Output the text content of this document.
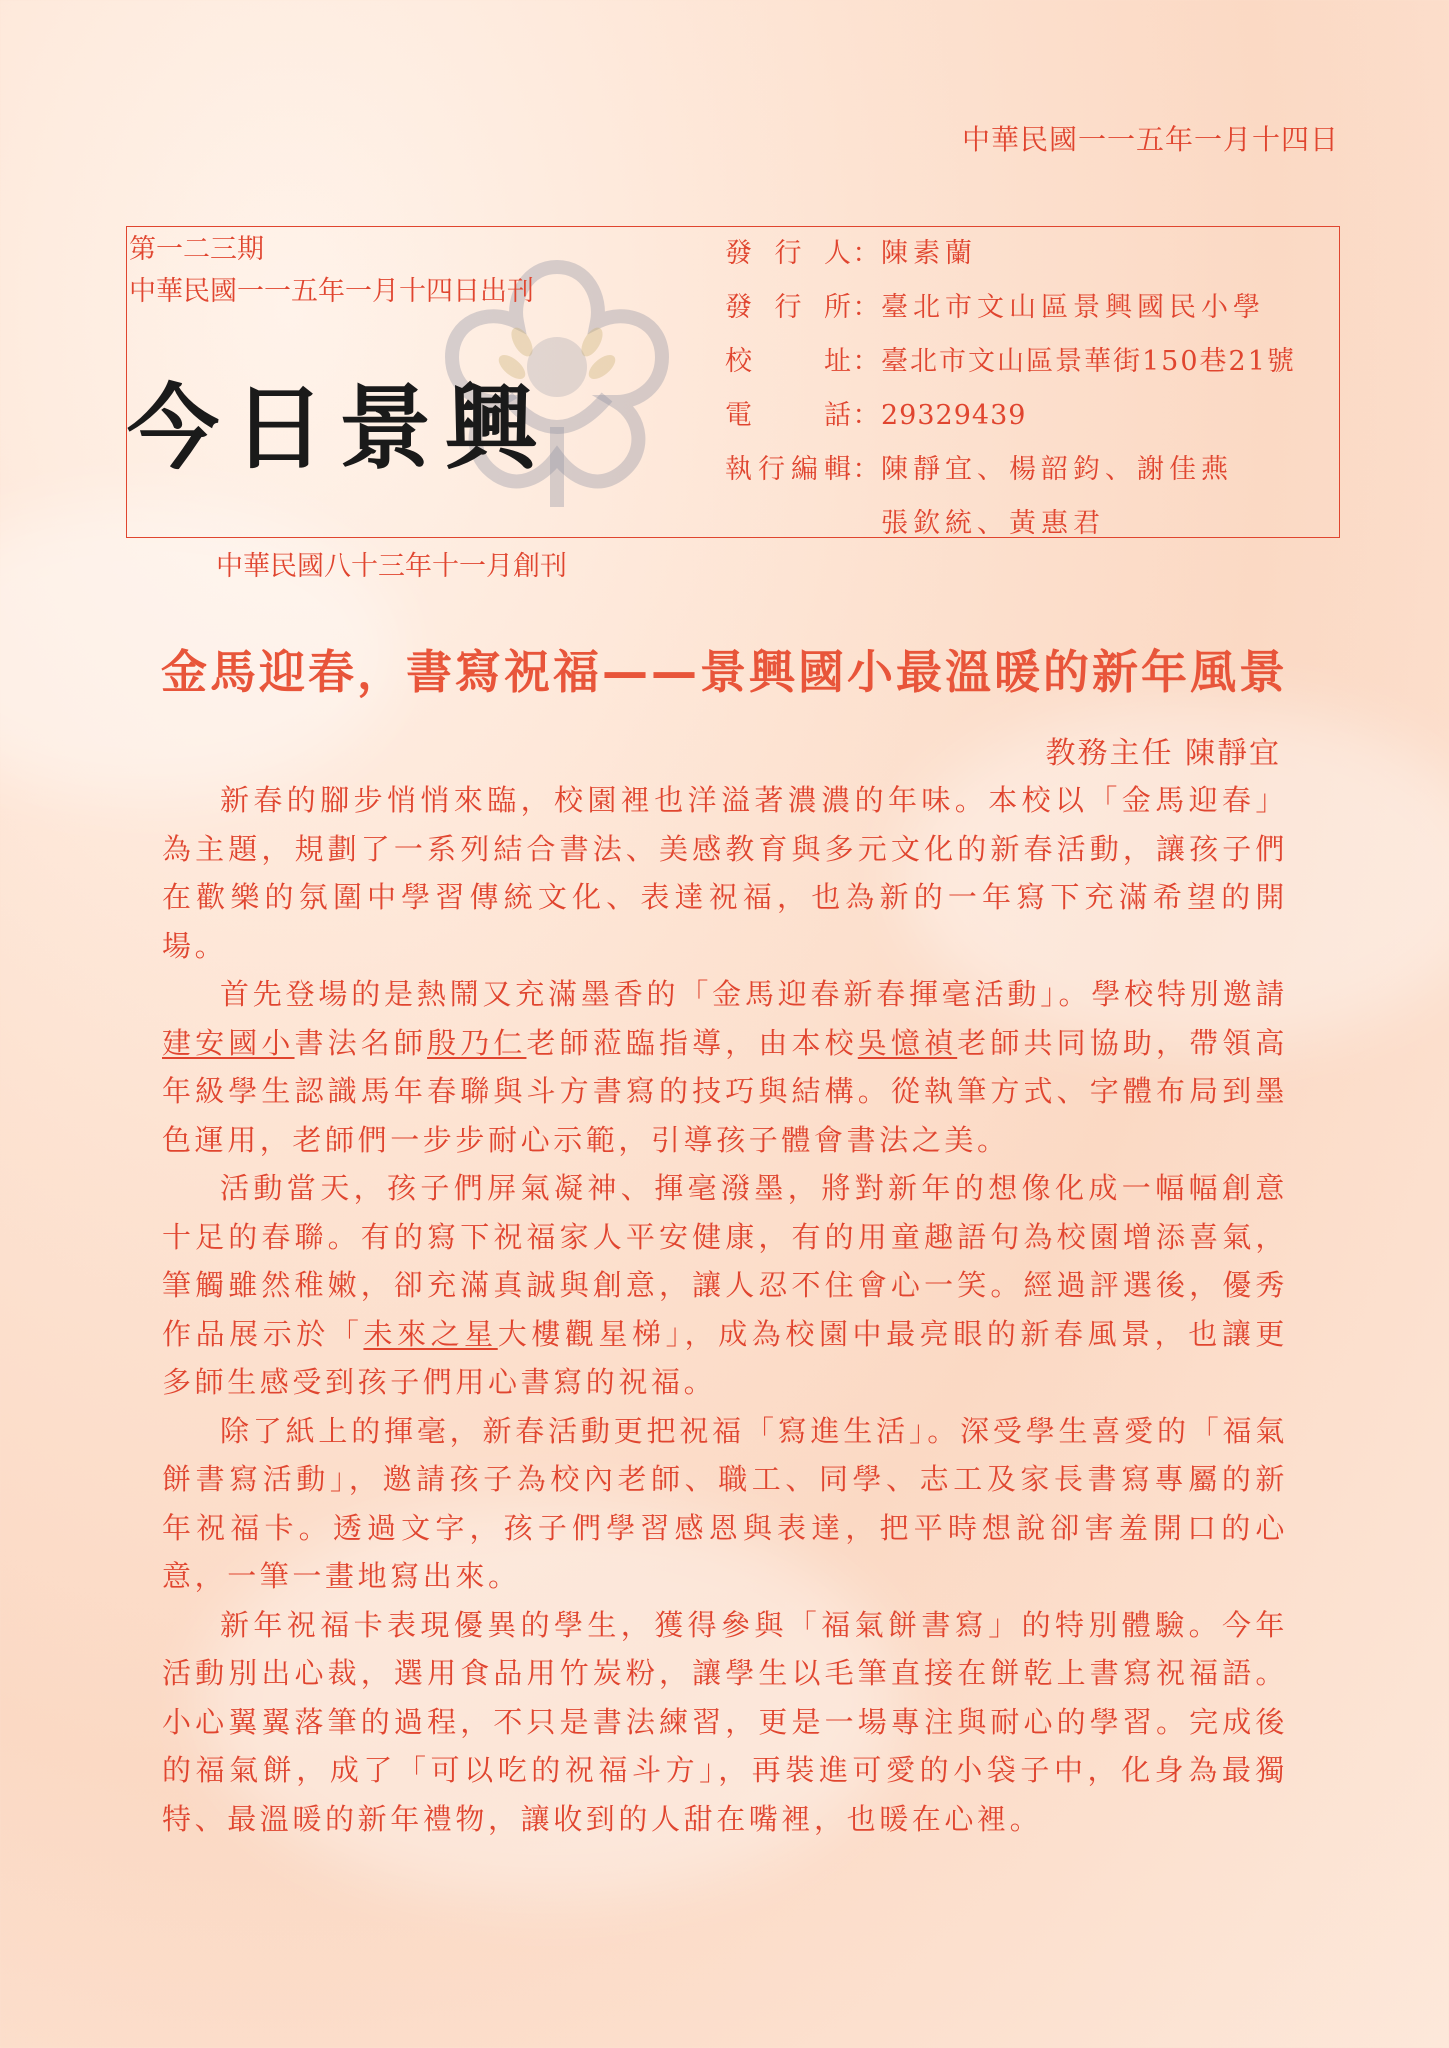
中華民國一一五年一月十四日
第一二三期
中華民國一一五年一月十四日出刊
今日景興
發行人 ： 陳素蘭
發行所 ： 臺北市文山區景興國民小學
校址 ： 臺北市文山區景華街150巷21號
電話 ： 29329439
執行編輯 ： 陳靜宜、楊韶鈞、謝佳燕
張欽統、黃惠君
中華民國八十三年十一月創刊
金馬迎春，書寫祝福——景興國小最溫暖的新年風景
教務主任 陳靜宜

新春的腳步悄悄來臨，校園裡也洋溢著濃濃的年味。本校以「金馬迎春」為主題，規劃了一系列結合書法、美感教育與多元文化的新春活動，讓孩子們在歡樂的氛圍中學習傳統文化、表達祝福，也為新的一年寫下充滿希望的開場。

首先登場的是熱鬧又充滿墨香的「金馬迎春新春揮毫活動」。學校特別邀請建安國小書法名師殷乃仁老師蒞臨指導，由本校吳憶禎老師共同協助，帶領高年級學生認識馬年春聯與斗方書寫的技巧與結構。從執筆方式、字體布局到墨色運用，老師們一步步耐心示範，引導孩子體會書法之美。

活動當天，孩子們屏氣凝神、揮毫潑墨，將對新年的想像化成一幅幅創意十足的春聯。有的寫下祝福家人平安健康，有的用童趣語句為校園增添喜氣，筆觸雖然稚嫩，卻充滿真誠與創意，讓人忍不住會心一笑。經過評選後，優秀作品展示於「未來之星大樓觀星梯」，成為校園中最亮眼的新春風景，也讓更多師生感受到孩子們用心書寫的祝福。

除了紙上的揮毫，新春活動更把祝福「寫進生活」。深受學生喜愛的「福氣餅書寫活動」，邀請孩子為校內老師、職工、同學、志工及家長書寫專屬的新年祝福卡。透過文字，孩子們學習感恩與表達，把平時想說卻害羞開口的心意，一筆一畫地寫出來。

新年祝福卡表現優異的學生，獲得參與「福氣餅書寫」的特別體驗。今年活動別出心裁，選用食品用竹炭粉，讓學生以毛筆直接在餅乾上書寫祝福語。小心翼翼落筆的過程，不只是書法練習，更是一場專注與耐心的學習。完成後的福氣餅，成了「可以吃的祝福斗方」，再裝進可愛的小袋子中，化身為最獨特、最溫暖的新年禮物，讓收到的人甜在嘴裡，也暖在心裡。
